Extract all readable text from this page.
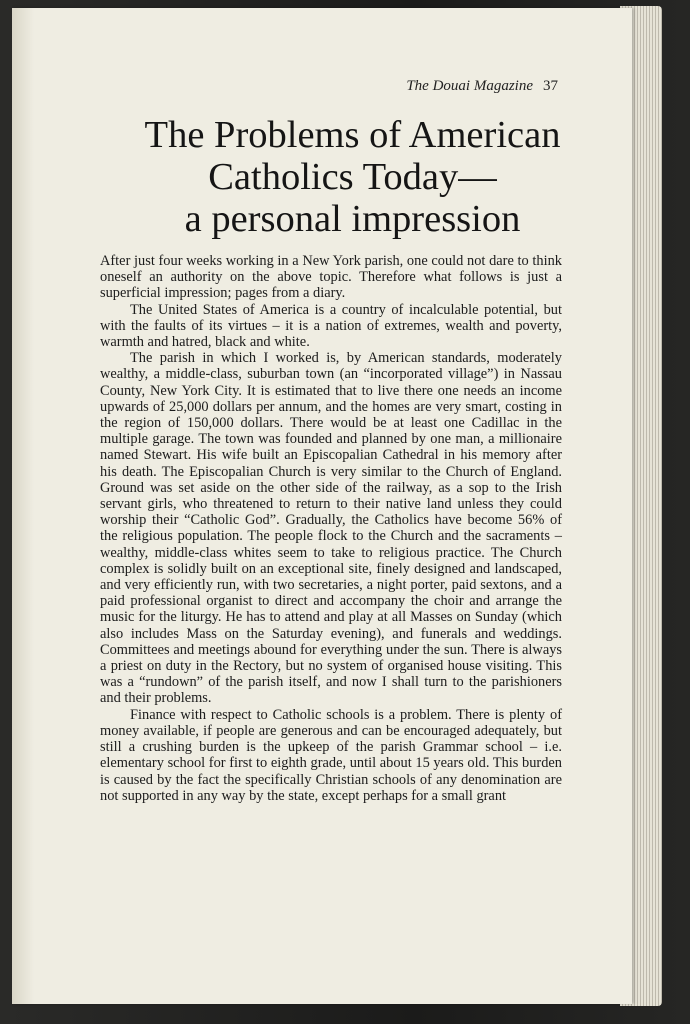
The Douai Magazine 37
The Problems of American
Catholics Today—
a personal impression

After just four weeks working in a New York parish, one could not dare to think oneself an authority on the above topic. Therefore what follows is just a superficial impression; pages from a diary.

The United States of America is a country of incalculable potential, but with the faults of its virtues – it is a nation of extremes, wealth and poverty, warmth and hatred, black and white.

The parish in which I worked is, by American standards, moderately wealthy, a middle-class, suburban town (an “incorporated village”) in Nassau County, New York City. It is estimated that to live there one needs an income upwards of 25,000 dollars per annum, and the homes are very smart, costing in the region of 150,000 dollars. There would be at least one Cadillac in the multiple garage. The town was founded and planned by one man, a millionaire named Stewart. His wife built an Episcopalian Cathedral in his memory after his death. The Episcopalian Church is very similar to the Church of England. Ground was set aside on the other side of the railway, as a sop to the Irish servant girls, who threatened to return to their native land unless they could worship their “Catholic God”. Gradually, the Catholics have become 56% of the religious population. The people flock to the Church and the sacraments – wealthy, middle-class whites seem to take to religious practice. The Church complex is solidly built on an exceptional site, finely designed and landscaped, and very efficiently run, with two secretaries, a night porter, paid sextons, and a paid professional organist to direct and accompany the choir and arrange the music for the liturgy. He has to attend and play at all Masses on Sunday (which also includes Mass on the Saturday evening), and funerals and weddings. Committees and meetings abound for everything under the sun. There is always a priest on duty in the Rectory, but no system of organised house visiting. This was a “rundown” of the parish itself, and now I shall turn to the parishioners and their problems.

Finance with respect to Catholic schools is a problem. There is plenty of money available, if people are generous and can be encouraged adequately, but still a crushing burden is the upkeep of the parish Grammar school – i.e. elementary school for first to eighth grade, until about 15 years old. This burden is caused by the fact the specifically Christian schools of any denomination are not supported in any way by the state, except perhaps for a small grant
